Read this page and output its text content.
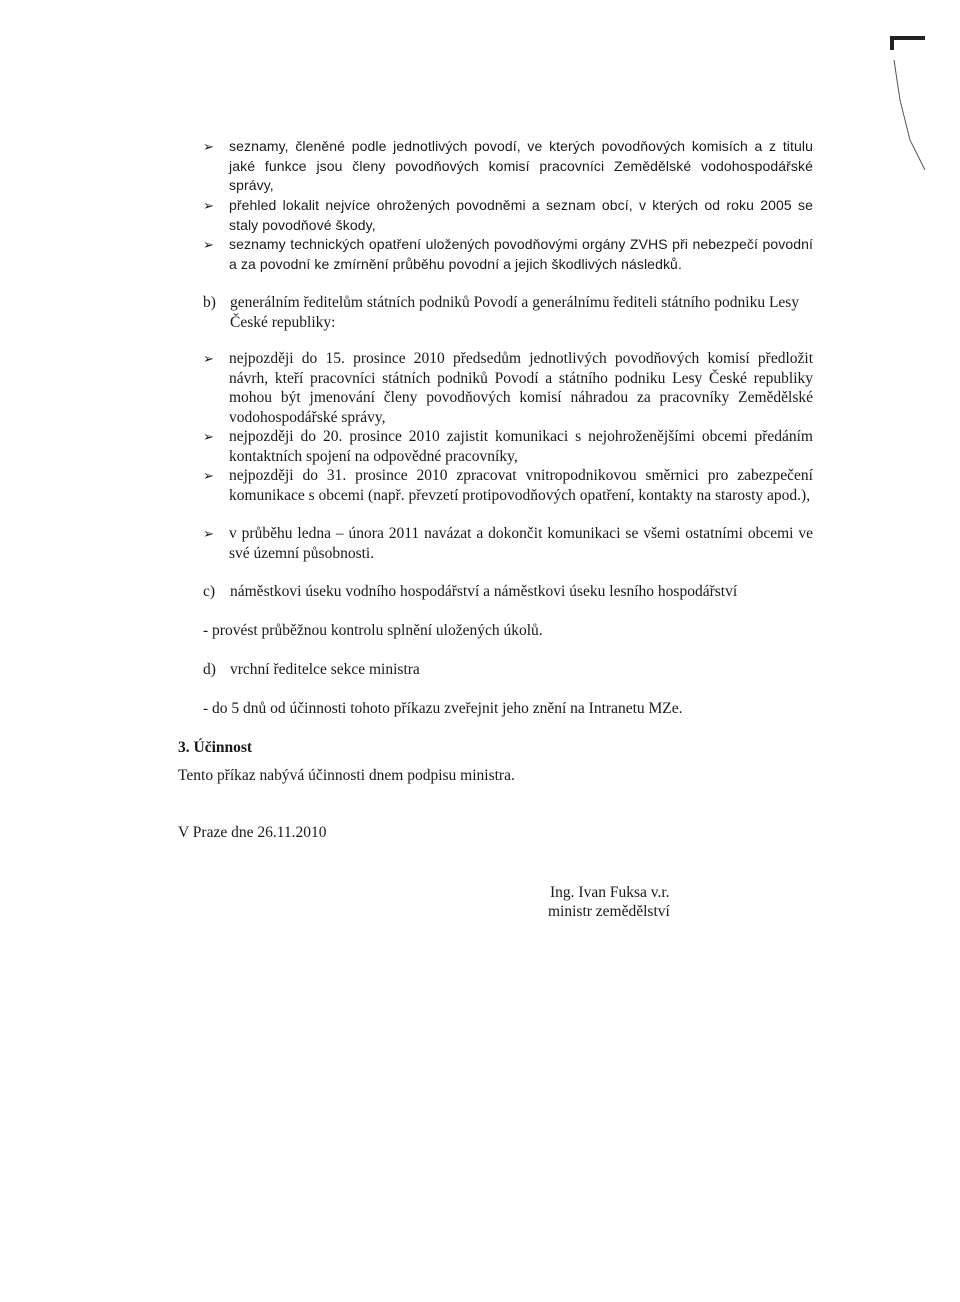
➢ seznamy, členěné podle jednotlivých povodí, ve kterých povodňových komisích a z titulu jaké funkce jsou členy povodňových komisí pracovníci Zemědělské vodohospodářské správy,
➢ přehled lokalit nejvíce ohrožených povodněmi a seznam obcí, v kterých od roku 2005 se staly povodňové škody,
➢ seznamy technických opatření uložených povodňovými orgány ZVHS při nebezpečí povodní a za povodní ke zmírnění průběhu povodní a jejich škodlivých následků.
b) generálním ředitelům státních podniků Povodí a generálnímu řediteli státního podniku Lesy České republiky:
➢ nejpozději do 15. prosince 2010 předsedům jednotlivých povodňových komisí předložit návrh, kteří pracovníci státních podniků Povodí a státního podniku Lesy České republiky mohou být jmenování členy povodňových komisí náhradou za pracovníky Zemědělské vodohospodářské správy,
➢ nejpozději do 20. prosince 2010 zajistit komunikaci s nejohroženějšími obcemi předáním kontaktních spojení na odpovědné pracovníky,
➢ nejpozději do 31. prosince 2010 zpracovat vnitropodnikovou směrnici pro zabezpečení komunikace s obcemi (např. převzetí protipovodňových opatření, kontakty na starosty apod.),
➢ v průběhu ledna – února 2011 navázat a dokončit komunikaci se všemi ostatními obcemi ve své územní působnosti.
c) náměstkovi úseku vodního hospodářství a náměstkovi úseku lesního hospodářství
- provést průběžnou kontrolu splnění uložených úkolů.
d) vrchní ředitelce sekce ministra
- do 5 dnů od účinnosti tohoto příkazu zveřejnit jeho znění na Intranetu MZe.
3. Účinnost
Tento příkaz nabývá účinnosti dnem podpisu ministra.
V Praze dne 26.11.2010
Ing. Ivan Fuksa v.r.
ministr zemědělství
